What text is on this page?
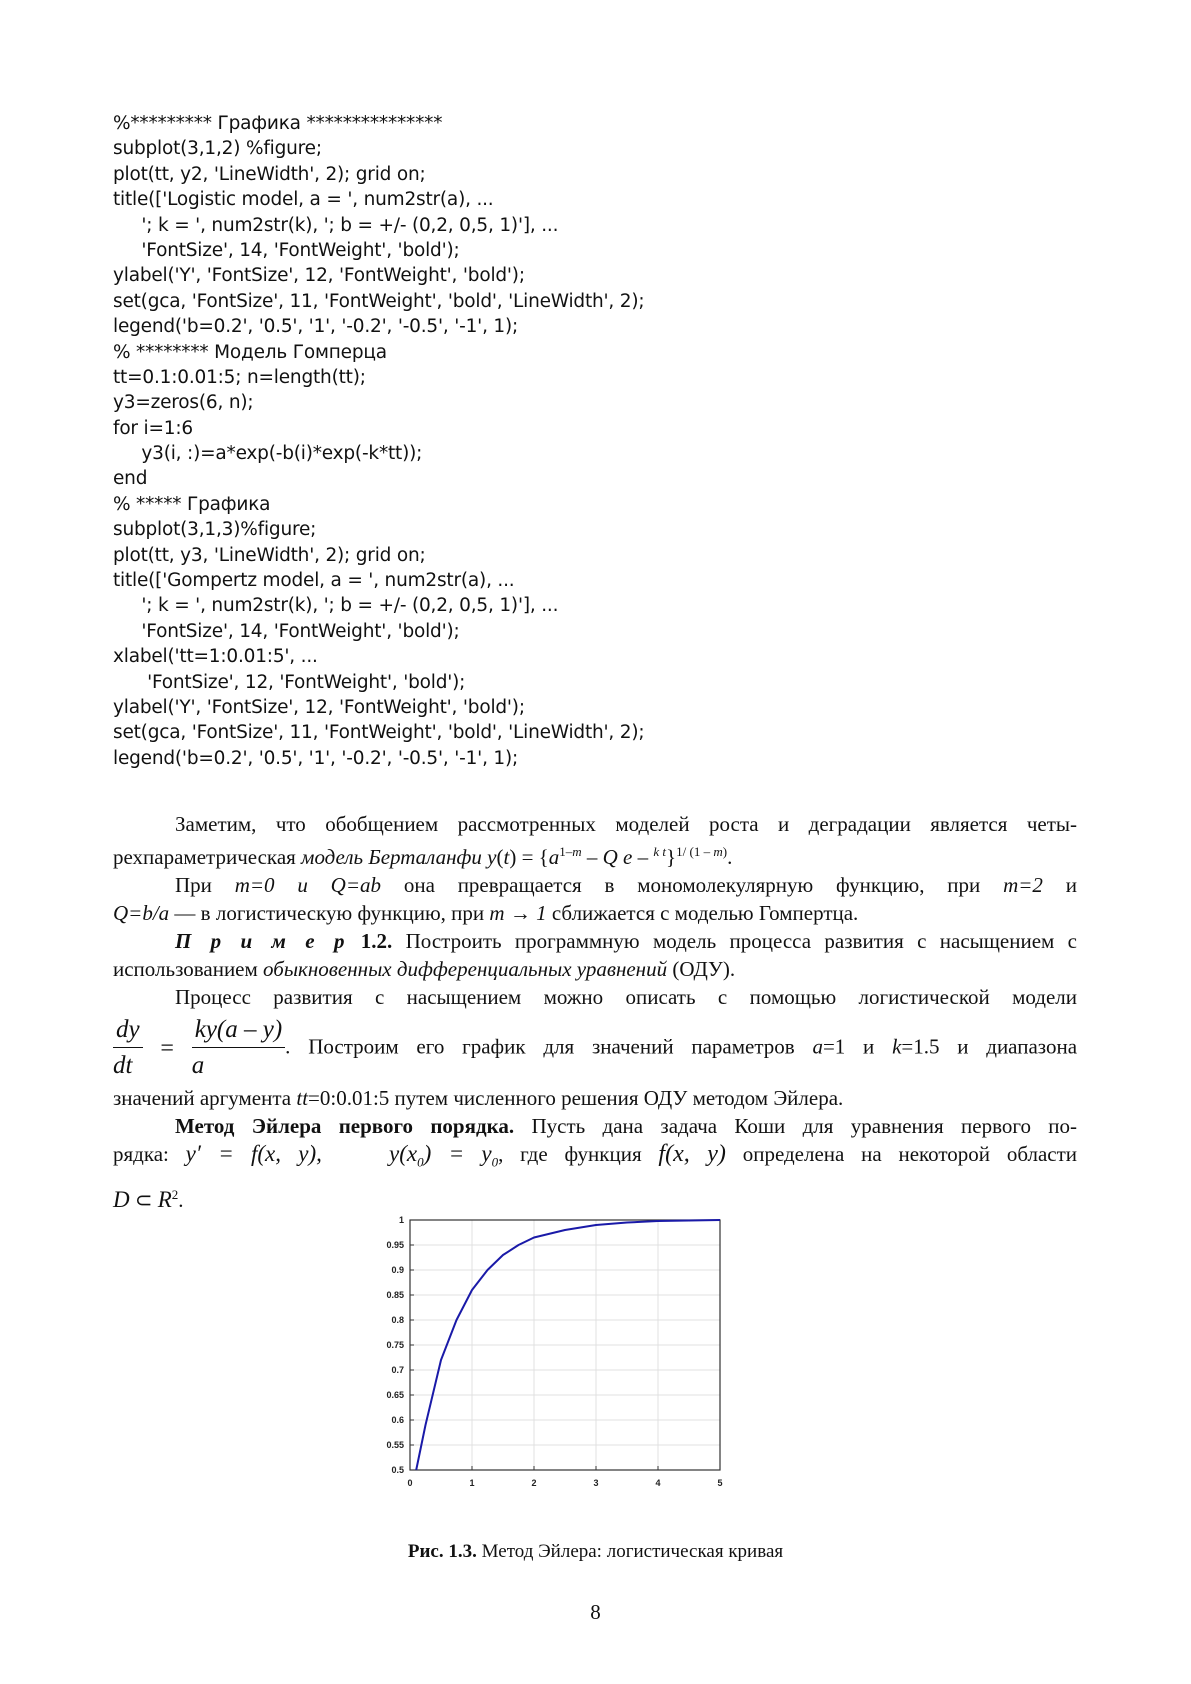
%********* Графика ***************
subplot(3,1,2) %figure;
plot(tt, y2, 'LineWidth', 2); grid on;
title(['Logistic model, a = ', num2str(a), ...
'; k = ', num2str(k), '; b = +/- (0,2, 0,5, 1)'], ...
'FontSize', 14, 'FontWeight', 'bold');
ylabel('Y', 'FontSize', 12, 'FontWeight', 'bold');
set(gca, 'FontSize', 11, 'FontWeight', 'bold', 'LineWidth', 2);
legend('b=0.2', '0.5', '1', '-0.2', '-0.5', '-1', 1);
% ******** Модель Гомперца
tt=0.1:0.01:5; n=length(tt);
y3=zeros(6, n);
for i=1:6
y3(i, :)=a*exp(-b(i)*exp(-k*tt));
end
% ***** Графика
subplot(3,1,3)%figure;
plot(tt, y3, 'LineWidth', 2); grid on;
title(['Gompertz model, a = ', num2str(a), ...
'; k = ', num2str(k), '; b = +/- (0,2, 0,5, 1)'], ...
'FontSize', 14, 'FontWeight', 'bold');
xlabel('tt=1:0.01:5', ...
'FontSize', 12, 'FontWeight', 'bold');
ylabel('Y', 'FontSize', 12, 'FontWeight', 'bold');
set(gca, 'FontSize', 11, 'FontWeight', 'bold', 'LineWidth', 2);
legend('b=0.2', '0.5', '1', '-0.2', '-0.5', '-1', 1);

Заметим, что обобщением рассмотренных моделей роста и деградации является четы-

рехпараметрическая модель Берталанфи $y(t) = \{a^{1-m} - Q$ e – $^{k t}$}$^{1/ (1 - m)}$.

При m=0 и Q=ab она превращается в мономолекулярную функцию, при m=2 и

Q=b/a — в логистическую функцию, при m → 1 сближается с моделью Гомпертца.

П р и м е р 1.2. Построить программную модель процесса развития с насыщением с

использованием обыкновенных дифференциальных уравнений (ОДУ).

Процесс развития с насыщением можно описать с помощью логистической модели

$\frac{dy}{dt} = \frac{ky(a - y)}{a}$ . Построим его график для значений параметров a=1 и k=1.5 и диапазона

значений аргумента tt=0:0.01:5 путем численного решения ОДУ методом Эйлера.

Метод Эйлера первого порядка. Пусть дана задача Коши для уравнения первого по-

рядка: y′ = f(x, y),	$y(x_0) = y_0$, где функция f(x, y) определена на некоторой области

D ⊂ $R^2$.

0.5
0.55
0.6
0.65
0.7
0.75
0.8
0.85
0.9
0.95
1
0	1	2	3	4	5
Рис. 1.3. Метод Эйлера: логистическая кривая
8
